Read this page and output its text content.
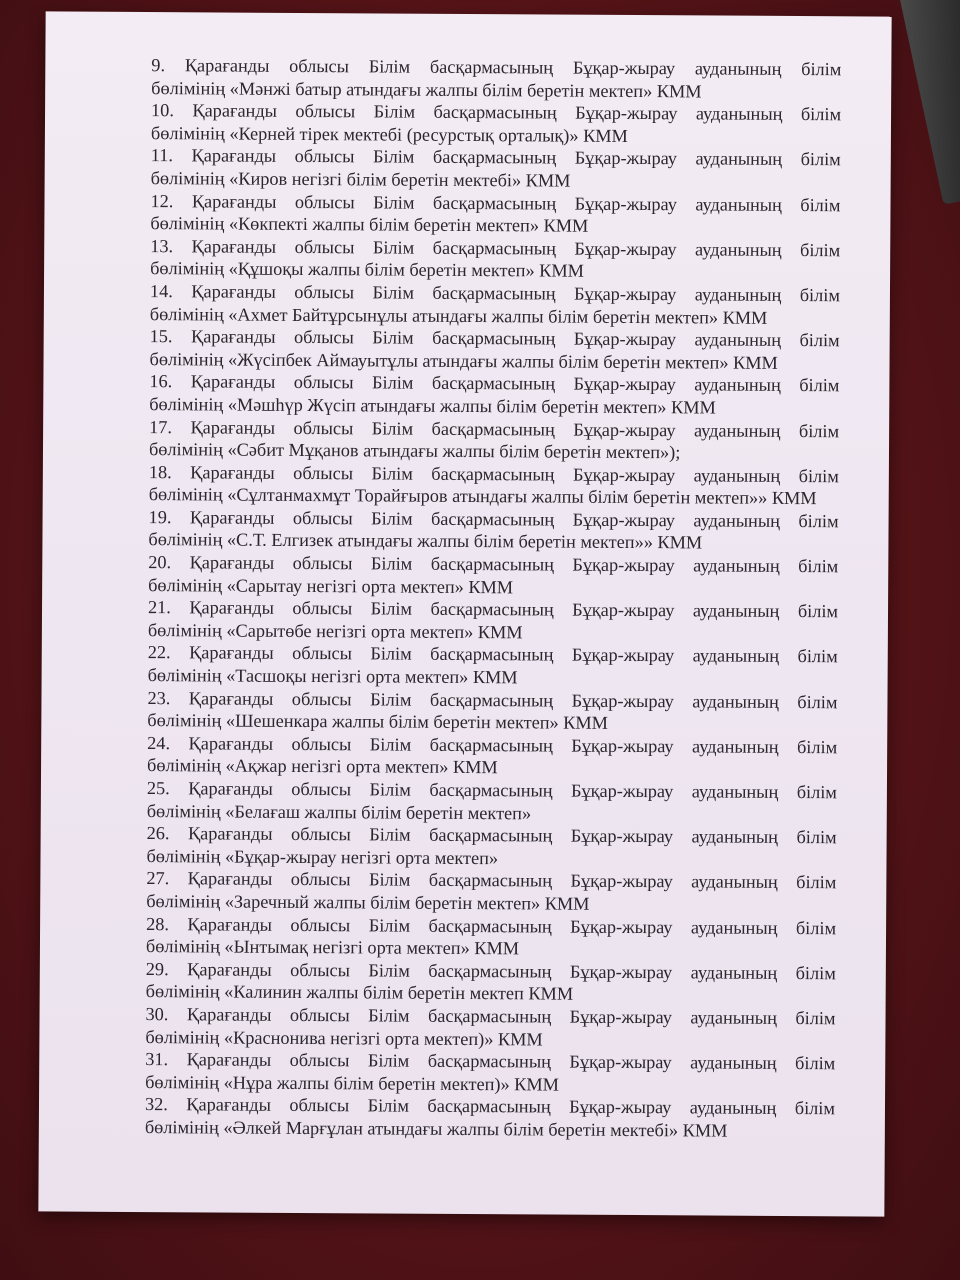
9. Қарағанды облысы Білім басқармасының Бұқар-жырау ауданының білім
бөлімінің «Мәнжі батыр атындағы жалпы білім беретін мектеп» КММ

10. Қарағанды облысы Білім басқармасының Бұқар-жырау ауданының білім
бөлімінің «Керней тірек мектебі (ресурстық орталық)» КММ

11. Қарағанды облысы Білім басқармасының Бұқар-жырау ауданының білім
бөлімінің «Киров негізгі білім беретін мектебі» КММ

12. Қарағанды облысы Білім басқармасының Бұқар-жырау ауданының білім
бөлімінің «Көкпекті жалпы білім беретін мектеп» КММ

13. Қарағанды облысы Білім басқармасының Бұқар-жырау ауданының білім
бөлімінің «Құшоқы жалпы білім беретін мектеп» КММ

14. Қарағанды облысы Білім басқармасының Бұқар-жырау ауданының білім
бөлімінің «Ахмет Байтұрсынұлы атындағы жалпы білім беретін мектеп» КММ

15. Қарағанды облысы Білім басқармасының Бұқар-жырау ауданының білім
бөлімінің «Жүсіпбек Аймауытұлы атындағы жалпы білім беретін мектеп» КММ

16. Қарағанды облысы Білім басқармасының Бұқар-жырау ауданының білім
бөлімінің «Мәшһүр Жүсіп атындағы жалпы білім беретін мектеп» КММ

17. Қарағанды облысы Білім басқармасының Бұқар-жырау ауданының білім
бөлімінің «Сәбит Мұқанов атындағы жалпы білім беретін мектеп»);

18. Қарағанды облысы Білім басқармасының Бұқар-жырау ауданының білім
бөлімінің «Сұлтанмахмұт Торайғыров атындағы жалпы білім беретін мектеп»» КММ

19. Қарағанды облысы Білім басқармасының Бұқар-жырау ауданының білім
бөлімінің «С.Т. Елгизек атындағы жалпы білім беретін мектеп»» КММ

20. Қарағанды облысы Білім басқармасының Бұқар-жырау ауданының білім
бөлімінің «Сарытау негізгі орта мектеп» КММ

21. Қарағанды облысы Білім басқармасының Бұқар-жырау ауданының білім
бөлімінің «Сарытөбе негізгі орта мектеп» КММ

22. Қарағанды облысы Білім басқармасының Бұқар-жырау ауданының білім
бөлімінің «Тасшоқы негізгі орта мектеп» КММ

23. Қарағанды облысы Білім басқармасының Бұқар-жырау ауданының білім
бөлімінің «Шешенкара жалпы білім беретін мектеп» КММ

24. Қарағанды облысы Білім басқармасының Бұқар-жырау ауданының білім
бөлімінің «Ақжар негізгі орта мектеп» КММ

25. Қарағанды облысы Білім басқармасының Бұқар-жырау ауданының білім
бөлімінің «Белағаш жалпы білім беретін мектеп»

26. Қарағанды облысы Білім басқармасының Бұқар-жырау ауданының білім
бөлімінің «Бұқар-жырау негізгі орта мектеп»

27. Қарағанды облысы Білім басқармасының Бұқар-жырау ауданының білім
бөлімінің «Заречный жалпы білім беретін мектеп» КММ

28. Қарағанды облысы Білім басқармасының Бұқар-жырау ауданының білім
бөлімінің «Ынтымақ негізгі орта мектеп» КММ

29. Қарағанды облысы Білім басқармасының Бұқар-жырау ауданының білім
бөлімінің «Калинин жалпы білім беретін мектеп КММ

30. Қарағанды облысы Білім басқармасының Бұқар-жырау ауданының білім
бөлімінің «Краснонива негізгі орта мектеп)» КММ

31. Қарағанды облысы Білім басқармасының Бұқар-жырау ауданының білім
бөлімінің «Нұра жалпы білім беретін мектеп)» КММ

32. Қарағанды облысы Білім басқармасының Бұқар-жырау ауданының білім
бөлімінің «Әлкей Марғұлан атындағы жалпы білім беретін мектебі» КММ
